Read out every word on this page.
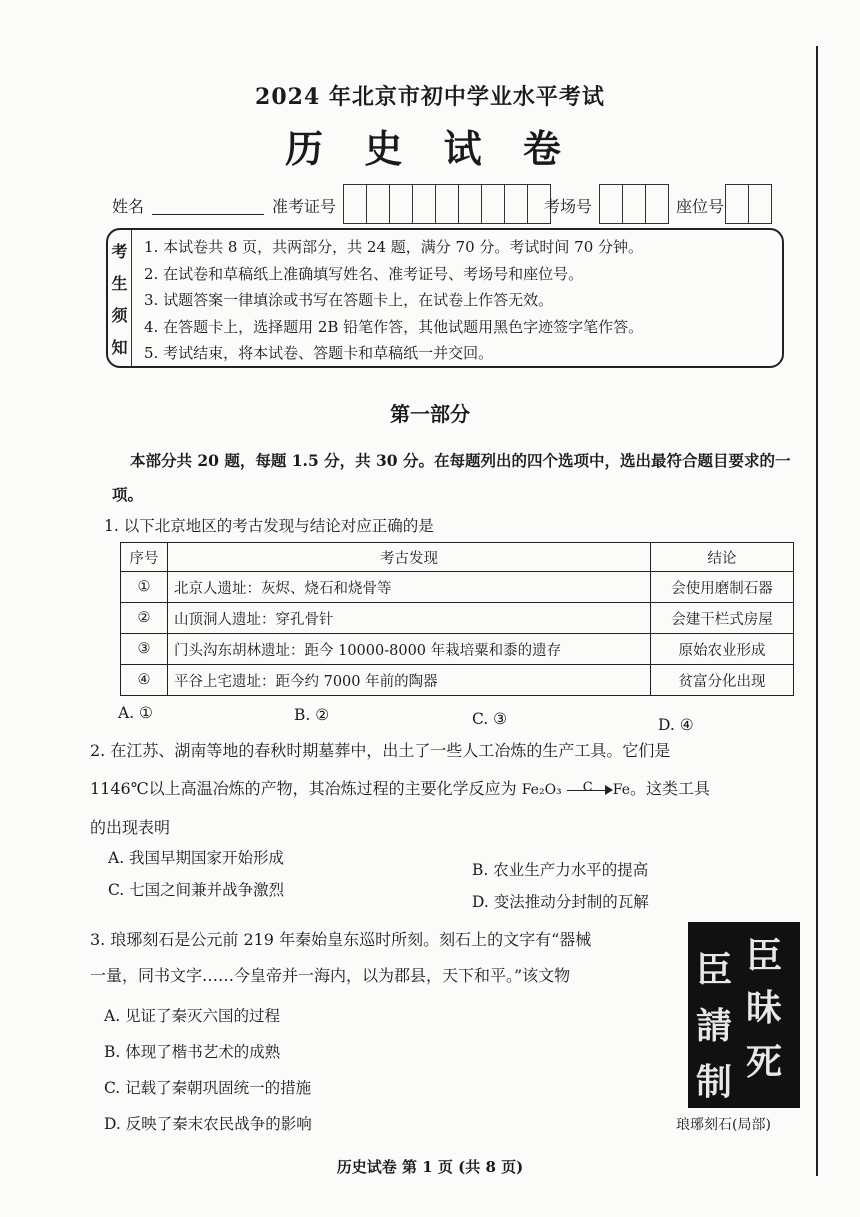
2024 年北京市初中学业水平考试
历 史 试 卷
姓名	准考证号	考场号	座位号
考
生
须
知
1. 本试卷共 8 页，共两部分，共 24 题，满分 70 分。考试时间 70 分钟。
2. 在试卷和草稿纸上准确填写姓名、准考证号、考场号和座位号。
3. 试题答案一律填涂或书写在答题卡上，在试卷上作答无效。
4. 在答题卡上，选择题用 2B 铅笔作答，其他试题用黑色字迹签字笔作答。
5. 考试结束，将本试卷、答题卡和草稿纸一并交回。
第一部分
本部分共 20 题，每题 1.5 分，共 30 分。在每题列出的四个选项中，选出最符合题目要求的一项。
1. 以下北京地区的考古发现与结论对应正确的是
序号	考古发现	结论
①	北京人遗址：灰烬、烧石和烧骨等	会使用磨制石器
②	山顶洞人遗址：穿孔骨针	会建干栏式房屋
③	门头沟东胡林遗址：距今 10000-8000 年栽培粟和黍的遗存	原始农业形成
④	平谷上宅遗址：距今约 7000 年前的陶器	贫富分化出现
A. ①	B. ②	C. ③	D. ④
2. 在江苏、湖南等地的春秋时期墓葬中，出土了一些人工冶炼的生产工具。它们是
1146℃以上高温冶炼的产物，其冶炼过程的主要化学反应为 Fe₂O₃ C Fe。这类工具
的出现表明
A. 我国早期国家开始形成
B. 农业生产力水平的提高
C. 七国之间兼并战争激烈
D. 变法推动分封制的瓦解
3. 琅琊刻石是公元前 219 年秦始皇东巡时所刻。刻石上的文字有“器械
一量，同书文字……今皇帝并一海内，以为郡县，天下和平。”该文物
A. 见证了秦灭六国的过程
B. 体现了楷书艺术的成熟
C. 记载了秦朝巩固统一的措施
D. 反映了秦末农民战争的影响
臣
昧
死
臣
請
制
琅琊刻石(局部)
历史试卷 第 1 页 (共 8 页)
